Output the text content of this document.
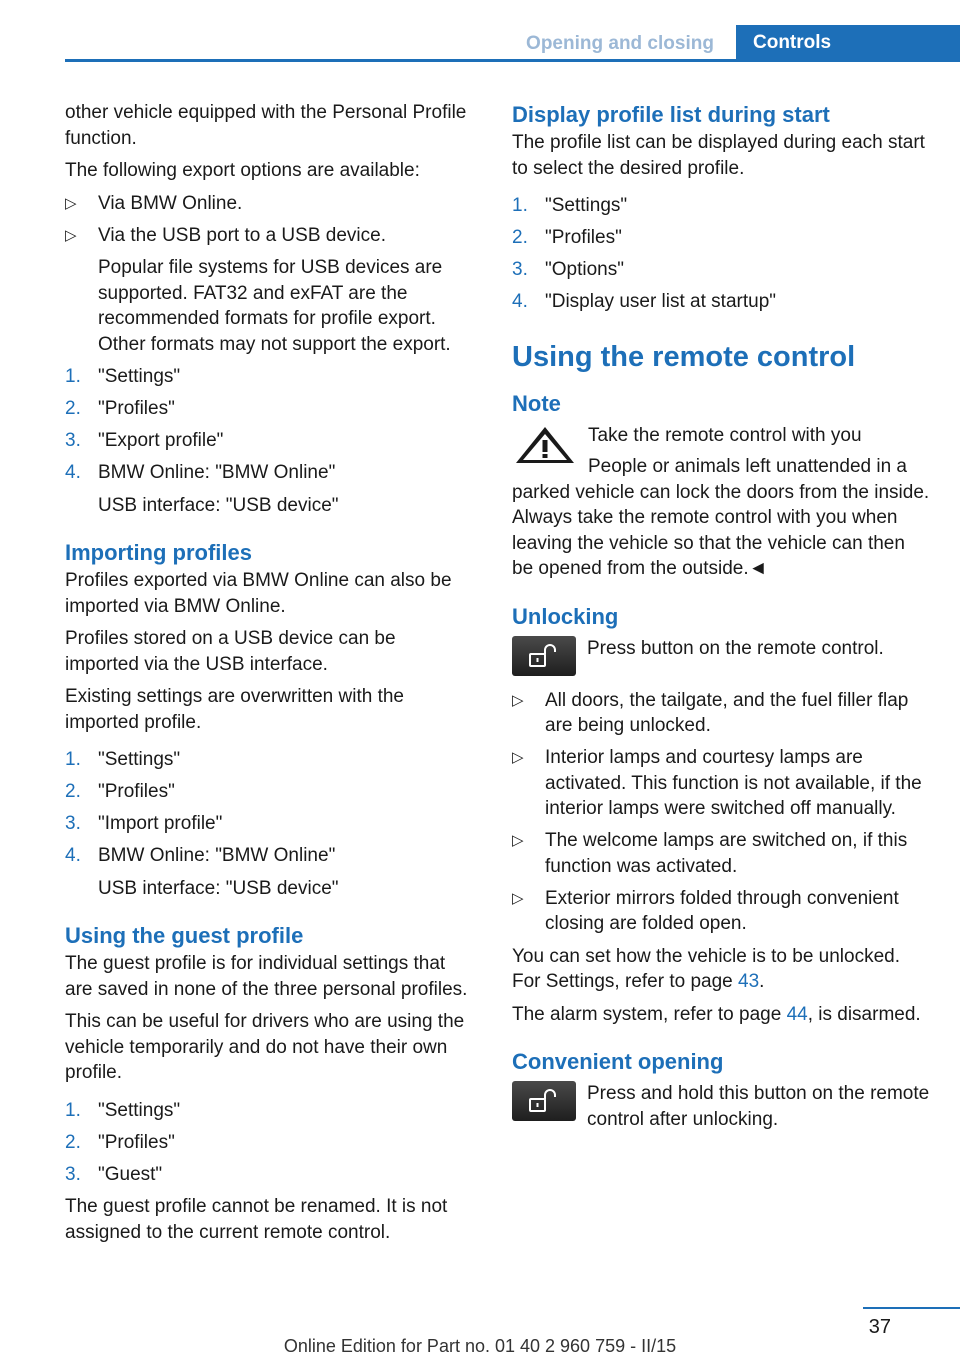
Opening and closing	Controls

other vehicle equipped with the Personal Profile function.

The following export options are available:

▷ Via BMW Online.
▷ Via the USB port to a USB device.
Popular file systems for USB devices are supported. FAT32 and exFAT are the recommended formats for profile export. Other formats may not support the export.
1. "Settings"
2. "Profiles"
3. "Export profile"
4. BMW Online: "BMW Online"
USB interface: "USB device"
Importing profiles

Profiles exported via BMW Online can also be imported via BMW Online.

Profiles stored on a USB device can be imported via the USB interface.

Existing settings are overwritten with the imported profile.

1. "Settings"
2. "Profiles"
3. "Import profile"
4. BMW Online: "BMW Online"
USB interface: "USB device"
Using the guest profile

The guest profile is for individual settings that are saved in none of the three personal profiles.

This can be useful for drivers who are using the vehicle temporarily and do not have their own profile.

1. "Settings"
2. "Profiles"
3. "Guest"

The guest profile cannot be renamed. It is not assigned to the current remote control.

Display profile list during start

The profile list can be displayed during each start to select the desired profile.

1. "Settings"
2. "Profiles"
3. "Options"
4. "Display user list at startup"
Using the remote control
Note

Take the remote control with you

People or animals left unattended in a parked vehicle can lock the doors from the inside. Always take the remote control with you when leaving the vehicle so that the vehicle can then be opened from the outside.◄

Unlocking

Press button on the remote control.

▷ All doors, the tailgate, and the fuel filler flap are being unlocked.
▷ Interior lamps and courtesy lamps are activated. This function is not available, if the interior lamps were switched off manually.
▷ The welcome lamps are switched on, if this function was activated.
▷ Exterior mirrors folded through convenient closing are folded open.

You can set how the vehicle is to be unlocked. For Settings, refer to page 43.

The alarm system, refer to page 44, is disarmed.

Convenient opening

Press and hold this button on the remote control after unlocking.

37
Online Edition for Part no. 01 40 2 960 759 - II/15
